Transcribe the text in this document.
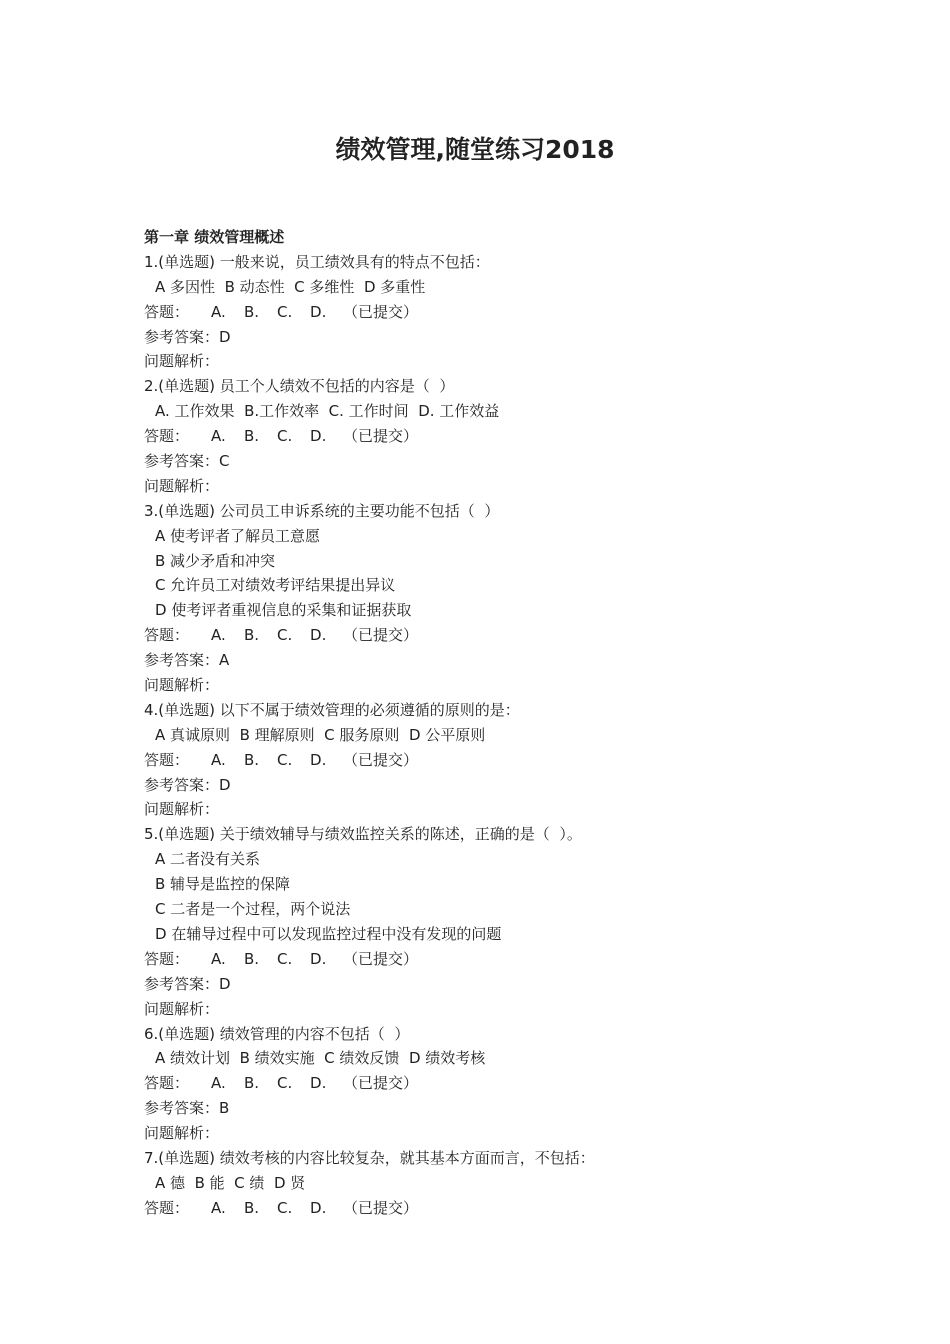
绩效管理,随堂练习2018
第一章 绩效管理概述
1.(单选题) 一般来说，员工绩效具有的特点不包括：
A 多因性  B 动态性  C 多维性  D 多重性
答题： A. B. C. D. （已提交）
参考答案：D
问题解析：
2.(单选题) 员工个人绩效不包括的内容是（  ）
A. 工作效果  B.工作效率  C. 工作时间  D. 工作效益
答题： A. B. C. D. （已提交）
参考答案：C
问题解析：
3.(单选题) 公司员工申诉系统的主要功能不包括（  ）
A 使考评者了解员工意愿
B 减少矛盾和冲突
C 允许员工对绩效考评结果提出异议
D 使考评者重视信息的采集和证据获取
答题： A. B. C. D. （已提交）
参考答案：A
问题解析：
4.(单选题) 以下不属于绩效管理的必须遵循的原则的是：
A 真诚原则  B 理解原则  C 服务原则  D 公平原则
答题： A. B. C. D. （已提交）
参考答案：D
问题解析：
5.(单选题) 关于绩效辅导与绩效监控关系的陈述，正确的是（  ）。
A 二者没有关系
B 辅导是监控的保障
C 二者是一个过程，两个说法
D 在辅导过程中可以发现监控过程中没有发现的问题
答题： A. B. C. D. （已提交）
参考答案：D
问题解析：
6.(单选题) 绩效管理的内容不包括（  ）
A 绩效计划  B 绩效实施  C 绩效反馈  D 绩效考核
答题： A. B. C. D. （已提交）
参考答案：B
问题解析：
7.(单选题) 绩效考核的内容比较复杂，就其基本方面而言，不包括：
A 德  B 能  C 绩  D 贤
答题： A. B. C. D. （已提交）
